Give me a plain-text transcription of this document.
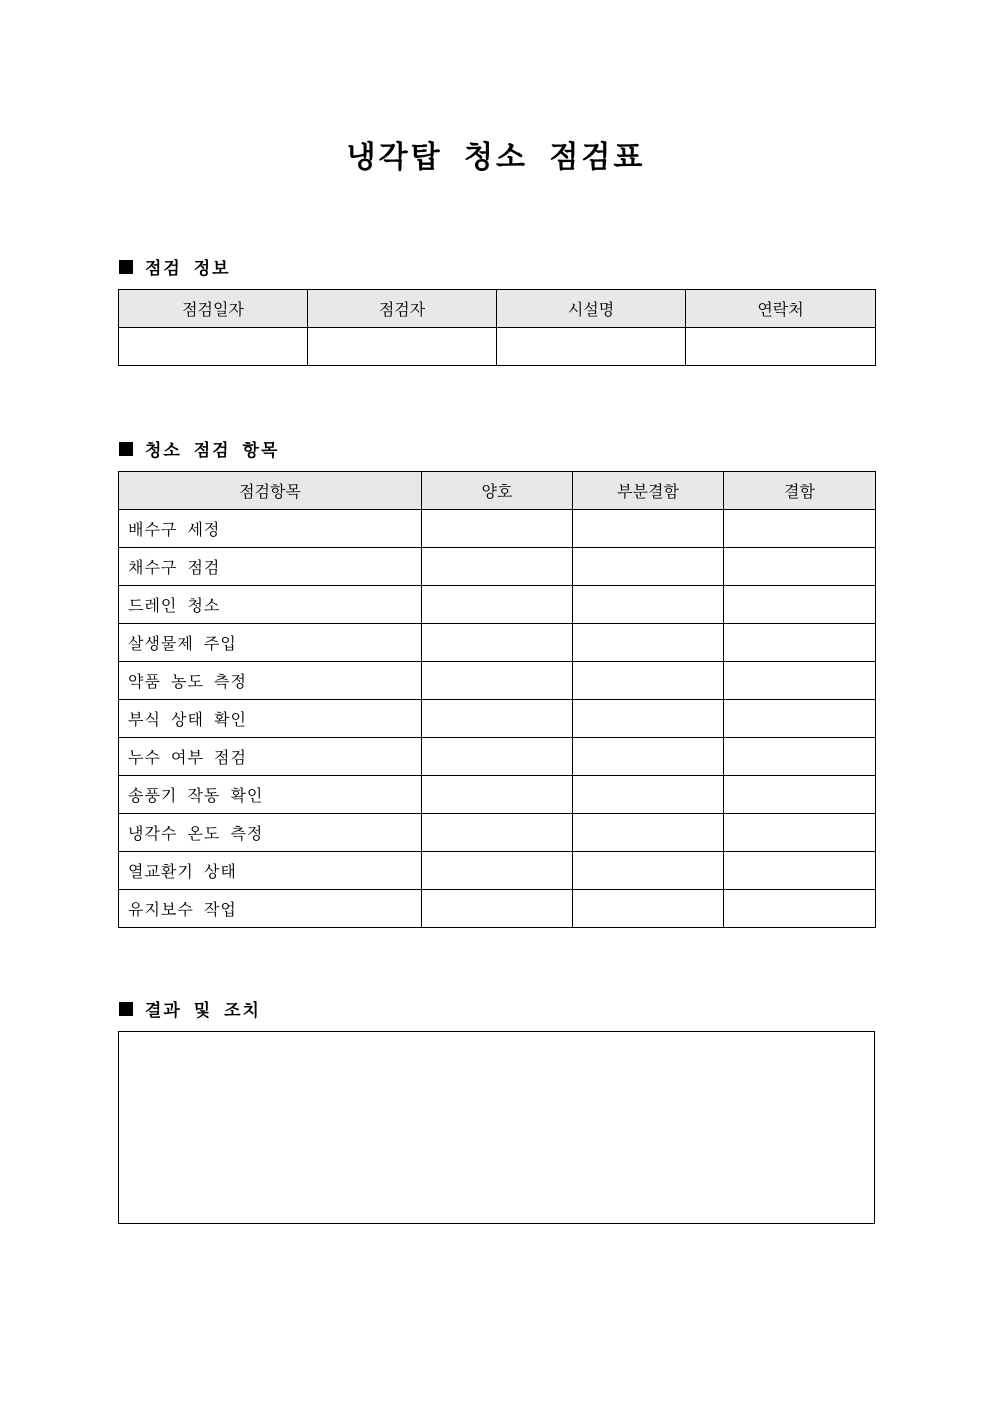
냉각탑 청소 점검표
점검 정보
점검일자	점검자	시설명	연락처

청소 점검 항목
점검항목	양호	부분결함	결함
배수구 세정			
채수구 점검			
드레인 청소			
살생물제 주입			
약품 농도 측정			
부식 상태 확인			
누수 여부 점검			
송풍기 작동 확인			
냉각수 온도 측정			
열교환기 상태			
유지보수 작업			
결과 및 조치
